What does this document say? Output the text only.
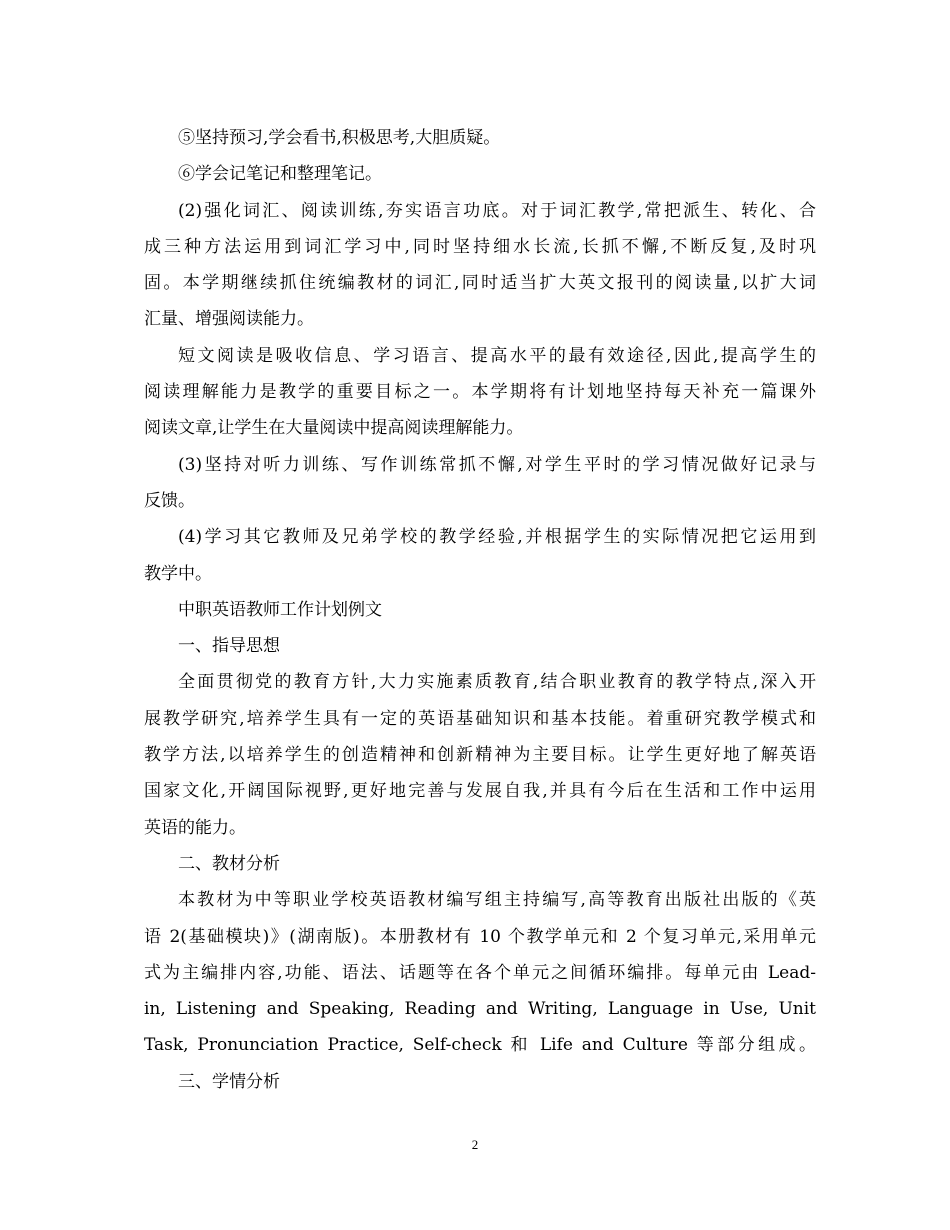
⑤坚持预习,学会看书,积极思考,大胆质疑。
⑥学会记笔记和整理笔记。
(2)强化词汇、阅读训练,夯实语言功底。对于词汇教学,常把派生、转化、合
成三种方法运用到词汇学习中,同时坚持细水长流,长抓不懈,不断反复,及时巩
固。本学期继续抓住统编教材的词汇,同时适当扩大英文报刊的阅读量,以扩大词
汇量、增强阅读能力。
短文阅读是吸收信息、学习语言、提高水平的最有效途径,因此,提高学生的
阅读理解能力是教学的重要目标之一。本学期将有计划地坚持每天补充一篇课外
阅读文章,让学生在大量阅读中提高阅读理解能力。
(3)坚持对听力训练、写作训练常抓不懈,对学生平时的学习情况做好记录与
反馈。
(4)学习其它教师及兄弟学校的教学经验,并根据学生的实际情况把它运用到
教学中。
中职英语教师工作计划例文
一、指导思想
全面贯彻党的教育方针,大力实施素质教育,结合职业教育的教学特点,深入开
展教学研究,培养学生具有一定的英语基础知识和基本技能。着重研究教学模式和
教学方法,以培养学生的创造精神和创新精神为主要目标。让学生更好地了解英语
国家文化,开阔国际视野,更好地完善与发展自我,并具有今后在生活和工作中运用
英语的能力。
二、教材分析
本教材为中等职业学校英语教材编写组主持编写,高等教育出版社出版的《英
语 2(基础模块)》(湖南版)。本册教材有 10 个教学单元和 2 个复习单元,采用单元
式为主编排内容,功能、语法、话题等在各个单元之间循环编排。每单元由 Lead-
in, Listening and Speaking, Reading and Writing, Language in Use, Unit
Task, Pronunciation Practice, Self-check 和 Life and Culture 等部分组成。
三、学情分析
2
